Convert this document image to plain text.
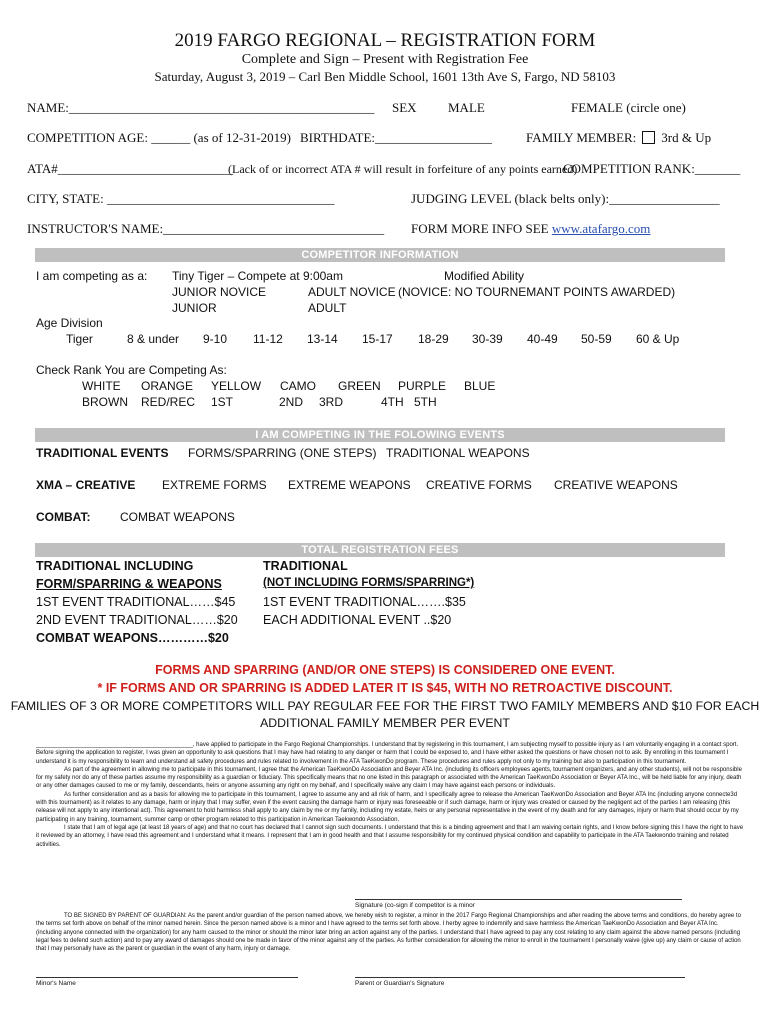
2019 FARGO REGIONAL – REGISTRATION FORM
Complete and Sign – Present with Registration Fee
Saturday, August 3, 2019 – Carl Ben Middle School, 1601 13th Ave S, Fargo, ND 58103
NAME:_______________________________________________ SEX MALE	FEMALE (circle one)
COMPETITION AGE: ______ (as of 12-31-2019) BIRTHDATE:__________________	FAMILY MEMBER: 3rd & Up
ATA#___________________________
(Lack of or incorrect ATA # will result in forfeiture of any points earned)
COMPETITION RANK:_______
CITY, STATE: ___________________________________	JUDGING LEVEL (black belts only):_________________
INSTRUCTOR'S NAME:__________________________________ FORM MORE INFO SEE www.atafargo.com
COMPETITOR INFORMATION
I am competing as a: Tiny Tiger – Compete at 9:00am	Modified Ability
JUNIOR NOVICE	ADULT NOVICE (NOVICE: NO TOURNEMANT POINTS AWARDED)
JUNIOR	ADULT
Age Division
Tiger	8 & under 9-10 11-12 13-14 15-17 18-29 30-39 40-49 50-59 60 & Up
Check Rank You are Competing As:
WHITE ORANGE YELLOW CAMO GREEN PURPLE BLUE
BROWN RED/REC 1ST	2ND 3RD	4TH 5TH
I AM COMPETING IN THE FOLOWING EVENTS
TRADITIONAL EVENTS FORMS/SPARRING (ONE STEPS) TRADITIONAL WEAPONS
XMA – CREATIVE EXTREME FORMS EXTREME WEAPONS CREATIVE FORMS CREATIVE WEAPONS
COMBAT: COMBAT WEAPONS
TOTAL REGISTRATION FEES
TRADITIONAL INCLUDING
FORM/SPARRING & WEAPONS
1ST EVENT TRADITIONAL……$45
2ND EVENT TRADITIONAL……$20
COMBAT WEAPONS…………$20
TRADITIONAL
(NOT INCLUDING FORMS/SPARRING*)
1ST EVENT TRADITIONAL…….$35
EACH ADDITIONAL EVENT ..$20
FORMS AND SPARRING (AND/OR ONE STEPS) IS CONSIDERED ONE EVENT.
* IF FORMS AND OR SPARRING IS ADDED LATER IT IS $45, WITH NO RETROACTIVE DISCOUNT.
FAMILIES OF 3 OR MORE COMPETITORS WILL PAY REGULAR FEE FOR THE FIRST TWO FAMILY MEMBERS AND $10 FOR EACH
ADDITIONAL FAMILY MEMBER PER EVENT

_______________________________________________, have applied to participate in the Fargo Regional Championships. I understand that by registering in this tournament, I am subjecting myself to possible injury as I am voluntarily engaging in a contact sport. Before signing the application to register, I was given an opportunity to ask questions that I may have had relating to any danger or harm that I could be exposed to, and I have either asked the questions or have chosen not to ask. By enrolling in this tournament I understand it is my responsibility to learn and understand all safety procedures and rules related to involvement in the ATA TaeKwonDo program. These procedures and rules apply not only to my training but also to participation in this tournament.

As part of the agreement in allowing me to participate in this tournament, I agree that the American TaeKwonDo Association and Beyer ATA Inc. (including its officers employees agents, tournament organizers, and any other students), will not be responsible for my safety nor do any of these parties assume my responsibility as a guardian or fiduciary. This specifically means that no one listed in this paragraph or associated with the American TaeKwonDo Association or Beyer ATA Inc., will be held liable for any injury, death or any other damages caused to me or my family, descendants, heirs or anyone assuming any right on my behalf, and I specifically waive any claim I may have against each persons or individuals.

As further consideration and as a basis for allowing me to participate in this tournament, I agree to assume any and all risk of harm, and I specifically agree to release the American TaeKwonDo Association and Beyer ATA Inc (including anyone connecte3d with this tournament) as it relates to any damage, harm or injury that I may suffer, even if the event causing the damage harm or injury was foreseeable or if such damage, harm or injury was created or caused by the negligent act of the parties I am releasing (this release will not apply to any intentional act). This agreement to hold harmless shall apply to any claim by me or my family, including my estate, heirs or any personal representative in the event of my death and for any damages, injury or harm that should occur by my participating in any training, tournament, summer camp or other program related to this participation in American Taekwondo Association.

I state that I am of legal age (at least 18 years of age) and that no court has declared that I cannot sign such documents. I understand that this is a binding agreement and that I am waiving certain rights, and I know before signing this I have the right to have it reviewed by an attorney, I have read this agreement and I understand what it means. I represent that I am in good health and that I assume responsibility for my continued physical condition and capability to participate in the ATA Taekwondo training and related activities.

Signature (co-sign if competitor is a minor

TO BE SIGNED BY PARENT OF GUARDIAN: As the parent and/or guardian of the person named above, we hereby wish to register, a minor in the 2017 Fargo Regional Championships and after reading the above terms and conditions, do hereby agree to the terms set forth above on behalf of the minor named herein. Since the person named above is a minor and I have agreed to the terms set forth above. I herby agree to indemnify and save harmless the American TaeKwonDo Association and Beyer ATA Inc. (including anyone connected with the organization) for any harm caused to the minor or should the minor later bring an action against any of the parties. I understand that I have agreed to pay any cost relating to any claim against the above named persons (including legal fees to defend such action) and to pay any award of damages should one be made in favor of the minor against any of the parties. As further consideration for allowing the minor to enroll in the tournament I personally waive (give up) any claim or cause of action that I may personally have as the parent or guardian in the event of any harm, injury or damage.

Minor's Name	Parent or Guardian's Signature
